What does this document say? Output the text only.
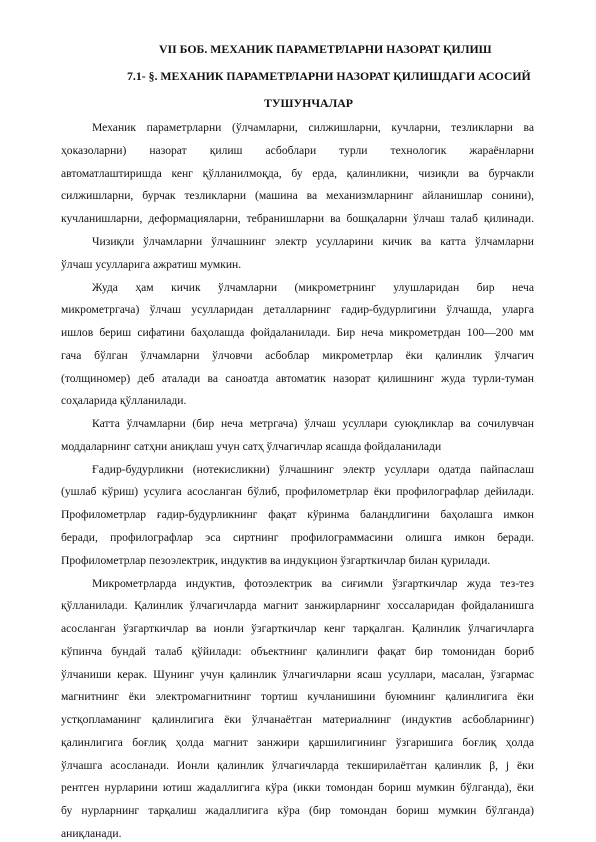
VII БОБ. МЕХАНИК ПАРАМЕТРЛАРНИ НАЗОРАТ ҚИЛИШ
7.1- §. МЕХАНИК ПАРАМЕТРЛАРНИ НАЗОРАТ ҚИЛИШДАГИ АСОСИЙ
ТУШУНЧАЛАР
Механик параметрларни (ўлчамларни, силжишларни, кучларни, тезликларни ва
ҳоказоларни) назорат қилиш асбоблари турли технологик жараёнларни
автоматлаштиришда кенг қўлланилмоқда, бу ерда, қалинликни, чизиқли ва бурчакли
силжишларни, бурчак тезликларни (машина ва механизмларнинг айланишлар сонини),
кучланишларни, деформацияларни, тебранишларни ва бошқаларни ўлчаш талаб қилинади.
Чизиқли ўлчамларни ўлчашнинг электр усулларини кичик ва катта ўлчамларни
ўлчаш усулларига ажратиш мумкин.
Жуда ҳам кичик ўлчамларни (микрометрнинг улушларидан бир неча
микрометргача) ўлчаш усулларидан деталларнинг ғадир-будурлигини ўлчашда, уларга
ишлов бериш сифатини баҳолашда фойдаланилади. Бир неча микрометрдан 100—200 мм
гача бўлган ўлчамларни ўлчовчи асбоблар микрометрлар ёки қалинлик ўлчагич
(толщиномер) деб аталади ва саноатда автоматик назорат қилишнинг жуда турли-туман
соҳаларида қўлланилади.
Катта ўлчамларни (бир неча метргача) ўлчаш усуллари суюқликлар ва сочилувчан
моддаларнинг сатҳни аниқлаш учун сатҳ ўлчагичлар ясашда фойдаланилади
Ғадир-будурликни (нотекисликни) ўлчашнинг электр усуллари одатда пайпаслаш
(ушлаб кўриш) усулига асосланган бўлиб, профилометрлар ёки профилографлар дейилади.
Профилометрлар ғадир-будурликнинг фақат кўринма баландлигини баҳолашга имкон
беради, профилографлар эса сиртнинг профилограммасини олишга имкон беради.
Профилометрлар пезоэлектрик, индуктив ва индукцион ўзгарткичлар билан қурилади.
Микрометрларда индуктив, фотоэлектрик ва сиғимли ўзгарткичлар жуда тез-тез
қўлланилади. Қалинлик ўлчагичларда магнит занжирларнинг хоссаларидан фойдаланишга
асосланган ўзгарткичлар ва ионли ўзгарткичлар кенг тарқалган. Қалинлик ўлчагичларга
кўпинча бундай талаб қўйилади: объектнинг қалинлиги фақат бир томонидан бориб
ўлчаниши керак. Шунинг учун қалинлик ўлчагичларни ясаш усуллари, масалан, ўзгармас
магнитнинг ёки электромагнитнинг тортиш кучланишини буюмнинг қалинлигига ёки
устқопламанинг қалинлигига ёки ўлчанаётган материалнинг (индуктив асбобларнинг)
қалинлигига боғлиқ ҳолда магнит занжири қаршилигининг ўзгаришига боғлиқ ҳолда
ўлчашга асосланади. Ионли қалинлик ўлчагичларда текширилаётган қалинлик β, j ёки
рентген нурларини ютиш жадаллигига кўра (икки томондан бориш мумкин бўлганда), ёки
бу нурларнинг тарқалиш жадаллигига кўра (бир томондан бориш мумкин бўлганда)
аниқланади.
